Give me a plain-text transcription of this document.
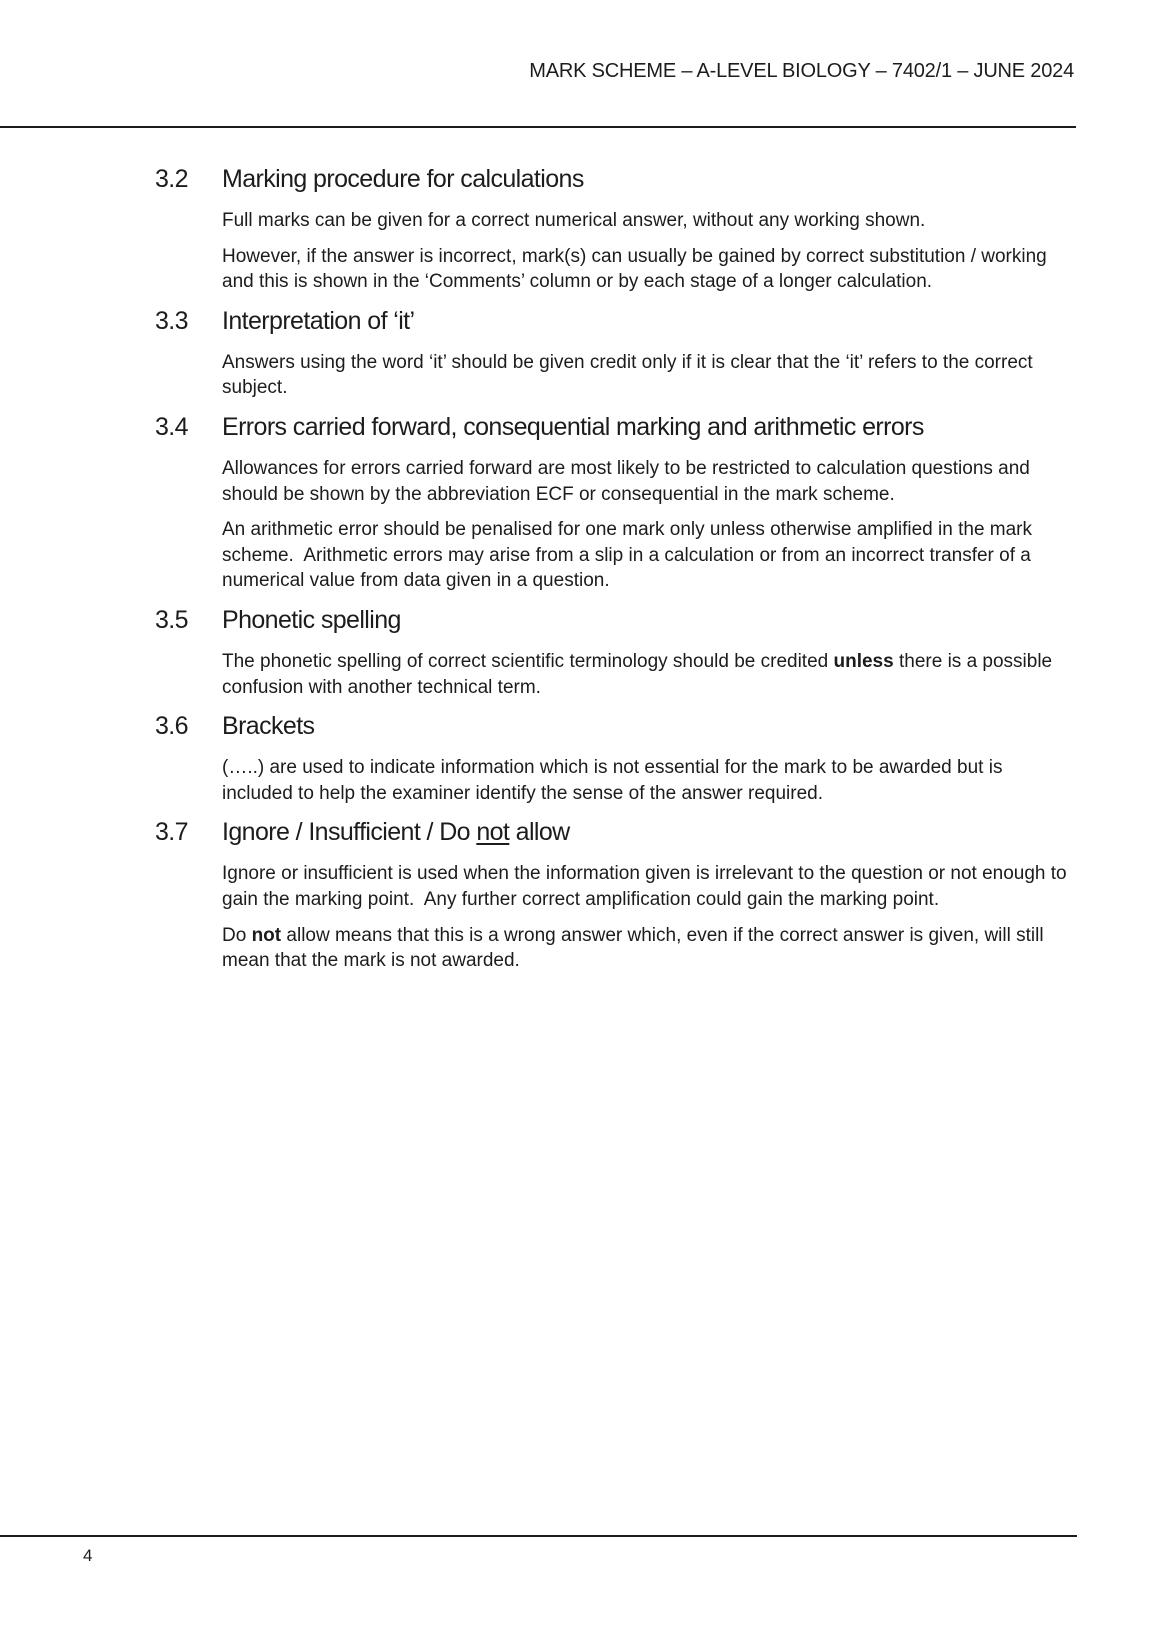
MARK SCHEME – A-LEVEL BIOLOGY – 7402/1 – JUNE 2024
3.2	Marking procedure for calculations

Full marks can be given for a correct numerical answer, without any working shown.

However, if the answer is incorrect, mark(s) can usually be gained by correct substitution / working and this is shown in the ‘Comments’ column or by each stage of a longer calculation.

3.3	Interpretation of ‘it’

Answers using the word ‘it’ should be given credit only if it is clear that the ‘it’ refers to the correct subject.

3.4	Errors carried forward, consequential marking and arithmetic errors

Allowances for errors carried forward are most likely to be restricted to calculation questions and should be shown by the abbreviation ECF or consequential in the mark scheme.

An arithmetic error should be penalised for one mark only unless otherwise amplified in the mark scheme.  Arithmetic errors may arise from a slip in a calculation or from an incorrect transfer of a numerical value from data given in a question.

3.5	Phonetic spelling

The phonetic spelling of correct scientific terminology should be credited unless there is a possible confusion with another technical term.

3.6	Brackets

(…..) are used to indicate information which is not essential for the mark to be awarded but is included to help the examiner identify the sense of the answer required.

3.7	Ignore / Insufficient / Do not allow

Ignore or insufficient is used when the information given is irrelevant to the question or not enough to gain the marking point.  Any further correct amplification could gain the marking point.

Do not allow means that this is a wrong answer which, even if the correct answer is given, will still mean that the mark is not awarded.

4
